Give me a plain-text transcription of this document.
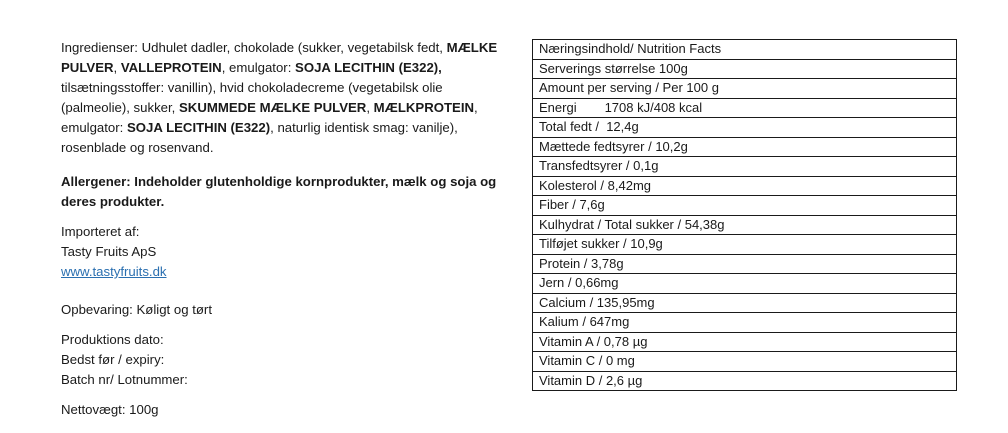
Ingredienser: Udhulet dadler, chokolade (sukker, vegetabilsk fedt, MÆLKE PULVER, VALLEPROTEIN, emulgator: SOJA LECITHIN (E322), tilsætningsstoffer: vanillin), hvid chokoladecreme (vegetabilsk olie (palmeolie), sukker, SKUMMEDE MÆLKE PULVER, MÆLKPROTEIN, emulgator: SOJA LECITHIN (E322), naturlig identisk smag: vanilje), rosenblade og rosenvand.

Allergener: Indeholder glutenholdige kornprodukter, mælk og soja og deres produkter.

Importeret af:

Tasty Fruits ApS

www.tastyfruits.dk

Opbevaring: Køligt og tørt

Produktions dato:

Bedst før / expiry:

Batch nr/ Lotnummer:

Nettovægt: 100g

Næringsindhold/ Nutrition Facts
Serverings størrelse 100g
Amount per serving / Per 100 g
Energi 1708 kJ/408 kcal
Total fedt /  12,4g
Mættede fedtsyrer / 10,2g
Transfedtsyrer / 0,1g
Kolesterol / 8,42mg
Fiber / 7,6g
Kulhydrat / Total sukker / 54,38g
Tilføjet sukker / 10,9g
Protein / 3,78g
Jern / 0,66mg
Calcium / 135,95mg
Kalium / 647mg
Vitamin A / 0,78 µg
Vitamin C / 0 mg
Vitamin D / 2,6 µg
